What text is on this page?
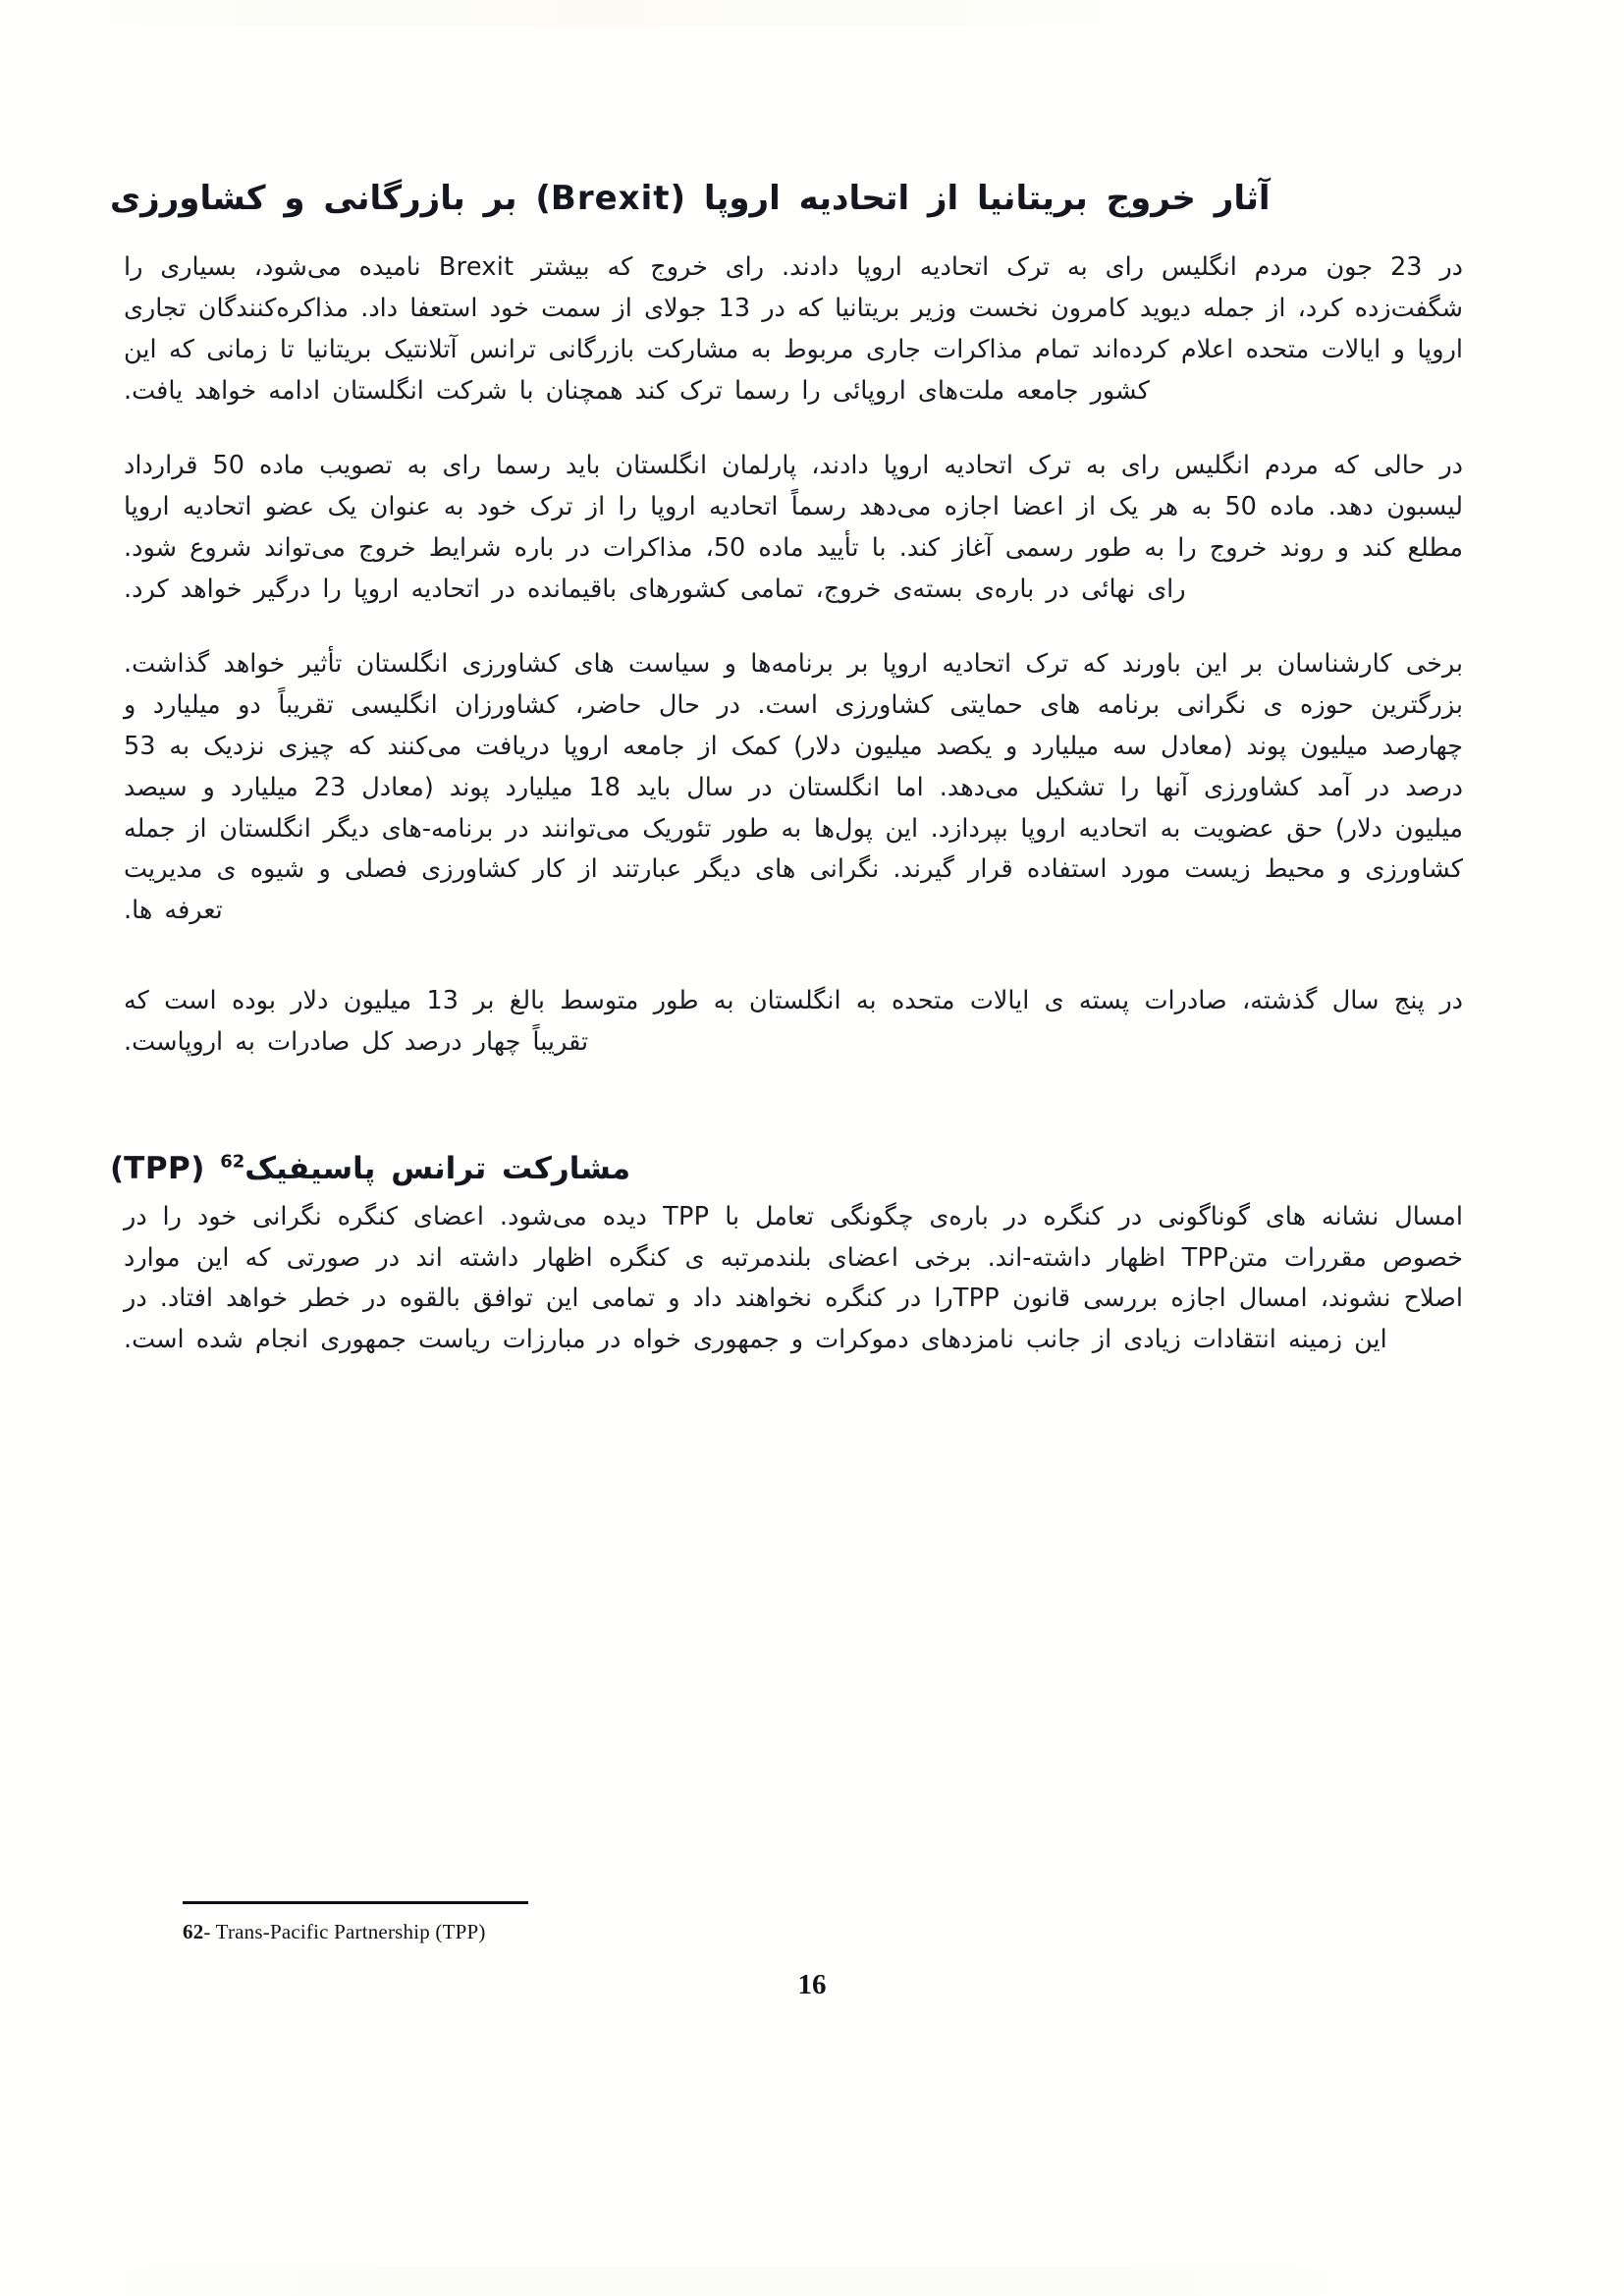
آثار خروج بریتانیا از اتحادیه اروپا (Brexit) بر بازرگانی و کشاورزی

در 23 جون مردم انگلیس رای به ترک اتحادیه اروپا دادند. رای خروج که بیشتر Brexit نامیده می‌شود، بسیاری را شگفت‌زده کرد، از جمله دیوید کامرون نخست وزیر بریتانیا که در 13 جولای از سمت خود استعفا داد. مذاکره‌کنندگان تجاری اروپا و ایالات متحده اعلام کرده‌اند تمام مذاکرات جاری مربوط به مشارکت بازرگانی ترانس آتلانتیک بریتانیا تا زمانی که این کشور جامعه ملت‌های اروپائی را رسما ترک کند همچنان با شرکت انگلستان ادامه خواهد یافت.

در حالی که مردم انگلیس رای به ترک اتحادیه اروپا دادند، پارلمان انگلستان باید رسما رای به تصویب ماده 50 قرارداد لیسبون دهد. ماده 50 به هر یک از اعضا اجازه می‌دهد رسماً اتحادیه اروپا را از ترک خود به عنوان یک عضو اتحادیه اروپا مطلع کند و روند خروج را به طور رسمی آغاز کند. با تأیید ماده 50، مذاکرات در باره شرایط خروج می‌تواند شروع شود. رای نهائی در باره‌ی بسته‌ی خروج، تمامی کشورهای باقیمانده در اتحادیه اروپا را درگیر خواهد کرد.

برخی کارشناسان بر این باورند که ترک اتحادیه اروپا بر برنامه‌ها و سیاست های کشاورزی انگلستان تأثیر خواهد گذاشت. بزرگترین حوزه ی نگرانی برنامه های حمایتی کشاورزی است. در حال حاضر، کشاورزان انگلیسی تقریباً دو میلیارد و چهارصد میلیون پوند (معادل سه میلیارد و یکصد میلیون دلار) کمک از جامعه اروپا دریافت می‌کنند که چیزی نزدیک به 53 درصد در آمد کشاورزی آنها را تشکیل می‌دهد. اما انگلستان در سال باید 18 میلیارد پوند (معادل 23 میلیارد و سیصد میلیون دلار) حق عضویت به اتحادیه اروپا بپردازد. این پول‌ها به طور تئوریک می‌توانند در برنامه-های دیگر انگلستان از جمله کشاورزی و محیط زیست مورد استفاده قرار گیرند. نگرانی های دیگر عبارتند از کار کشاورزی فصلی و شیوه ی مدیریت تعرفه ها.

در پنج سال گذشته، صادرات پسته ی ایالات متحده به انگلستان به طور متوسط بالغ بر 13 میلیون دلار بوده است که تقریباً چهار درصد کل صادرات به اروپاست.

مشارکت ترانس پاسیفیک$^{62}$ (TPP)

امسال نشانه های گوناگونی در کنگره در باره‌ی چگونگی تعامل با TPP دیده می‌شود. اعضای کنگره نگرانی خود را در خصوص مقررات متنTPP اظهار داشته-اند. برخی اعضای بلندمرتبه ی کنگره اظهار داشته اند در صورتی که این موارد اصلاح نشوند، امسال اجازه بررسی قانون TPPرا در کنگره نخواهند داد و تمامی این توافق بالقوه در خطر خواهد افتاد. در این زمینه انتقادات زیادی از جانب نامزدهای دموکرات و جمهوری خواه در مبارزات ریاست جمهوری انجام شده است.

62- Trans-Pacific Partnership (TPP)
16
